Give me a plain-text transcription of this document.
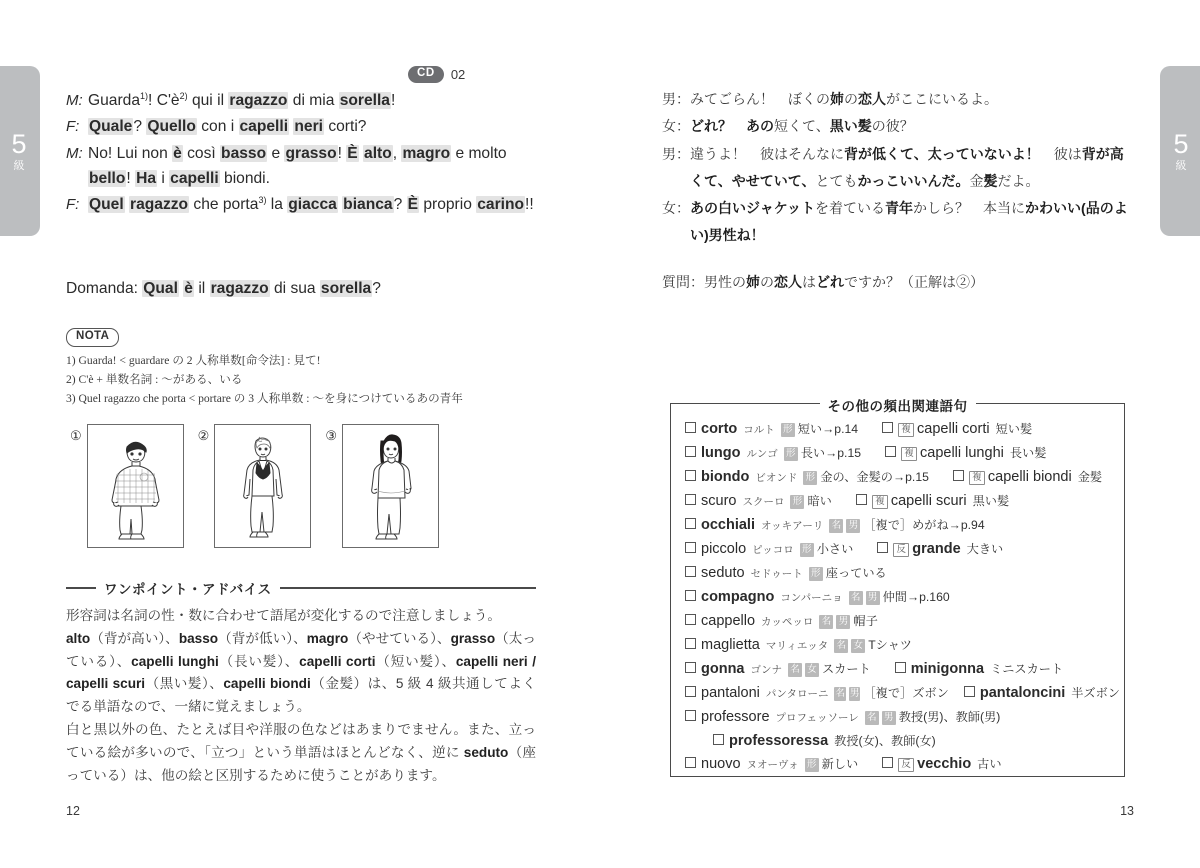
5
級
CD	02
M: Guarda$^{1)}$! C'è$^{2)}$ qui il ragazzo di mia sorella!
F: Quale? Quello con i capelli neri corti?
M: No! Lui non è così basso e grasso! È alto, magro e molto bello! Ha i capelli biondi.
F: Quel ragazzo che porta$^{3)}$ la giacca bianca? È proprio carino!!
Domanda: Qual è il ragazzo di sua sorella?
NOTA
1) Guarda! < guardare の 2 人称単数[命令法] : 見て!
2) C'è + 単数名詞 : 〜がある、いる
3) Quel ragazzo che porta < portare の 3 人称単数 : 〜を身につけているあの青年
①	②	③
ワンポイント・アドバイス
形容詞は名詞の性・数に合わせて語尾が変化するので注意しましょう。
alto（背が高い）、basso（背が低い）、magro（やせている）、grasso（太っている）、capelli lunghi（長い髪）、capelli corti（短い髪）、capelli neri / capelli scuri（黒い髪）、capelli biondi（金髪）は、5 級 4 級共通してよくでる単語なので、一緒に覚えましょう。
白と黒以外の色、たとえば目や洋服の色などはあまりでません。また、立っている絵が多いので、「立つ」という単語はほとんどなく、逆に seduto（座っている）は、他の絵と区別するために使うことがあります。
12
5
級
男： みてごらん！　ぼくの姉の恋人がここにいるよ。
女： どれ？　 あの短くて、黒い髪の彼？
男： 違うよ！　彼はそんなに背が低くて、太っていないよ！　彼は背が高くて、やせていて、とてもかっこいいんだ。金髪だよ。
女： あの白いジャケットを着ている青年かしら？　本当にかわいい(品のよい)男性ね！
質問：男性の姉の恋人はどれですか？（正解は②）
その他の頻出関連語句
corto コルト 形 短い→p.14	複 capelli corti 短い髪
lungo ルンゴ 形 長い→p.15	複 capelli lunghi 長い髪
biondo ビオンド 形 金の、金髪の→p.15	複 capelli biondi 金髪
scuro スクーロ 形 暗い	複 capelli scuri 黒い髪
occhiali オッキアーリ 名 男 ［複で］めがね→p.94
piccolo ピッコロ 形 小さい	反 grande 大きい
seduto セドゥート 形 座っている
compagno コンパーニョ 名 男 仲間→p.160
cappello カッペッロ 名 男 帽子
maglietta マリィエッタ 名 女 Tシャツ
gonna ゴンナ 名 女 スカート	minigonna ミニスカート
pantaloni パンタローニ 名 男 ［複で］ズボン pantaloncini 半ズボン
professore プロフェッソーレ 名 男 教授(男)、教師(男)
professoressa 教授(女)、教師(女)
nuovo ヌオーヴォ 形 新しい	反 vecchio 古い
13
